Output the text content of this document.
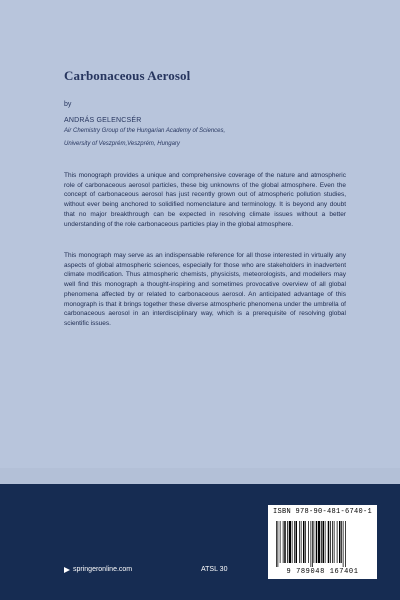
Carbonaceous Aerosol
by
ANDRÁS GELENCSÉR
Air Chemistry Group of the Hungarian Academy of Sciences,
University of Veszprém,Veszprém, Hungary

This monograph provides a unique and comprehensive coverage of the nature and atmospheric role of carbonaceous aerosol particles, these big unknowns of the global atmosphere. Even the concept of carbonaceous aerosol has just recently grown out of atmospheric pollution studies, without ever being anchored to solidified nomenclature and terminology. It is beyond any doubt that no major breakthrough can be expected in resolving climate issues without a better understanding of the role carbonaceous particles play in the global atmosphere.

This monograph may serve as an indispensable reference for all those interested in virtually any aspects of global atmospheric sciences, especially for those who are stakeholders in inadvertent climate modification. Thus atmospheric chemists, physicists, meteorologists, and modellers may well find this monograph a thought-inspiring and sometimes provocative overview of all global phenomena affected by or related to carbonaceous aerosol. An anticipated advantage of this monograph is that it brings together these diverse atmospheric phenomena under the umbrella of carbonaceous aerosol in an interdisciplinary way, which is a prerequisite of resolving global scientific issues.

springeronline.com	ATSL 30
ISBN 978-90-481-6740-1
9 789048 167401
